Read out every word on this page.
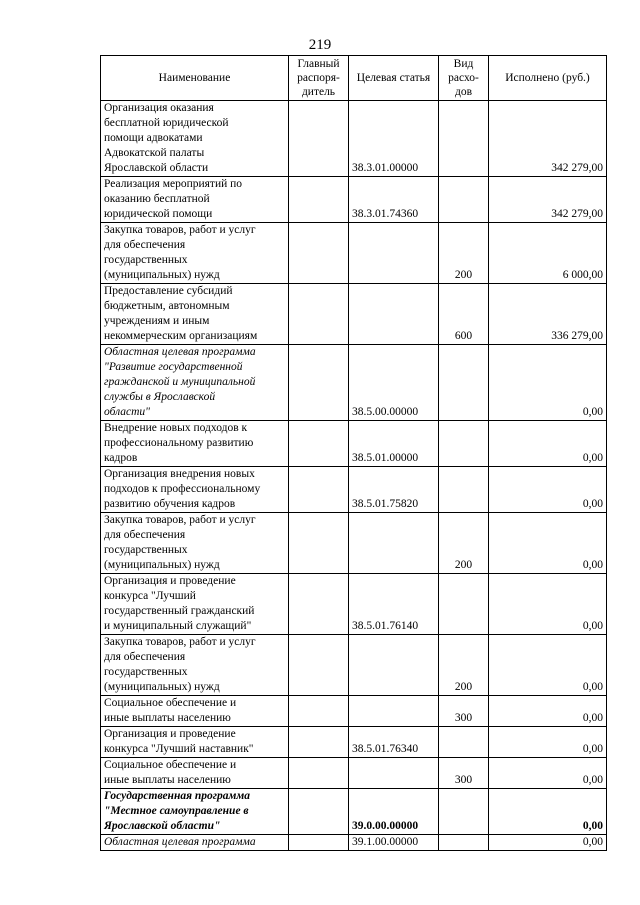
219
Наименование	Главный распоря-дитель	Целевая статья	Вид расхо-дов	Исполнено (руб.)

Организация оказания
бесплатной юридической
помощи адвокатами
Адвокатской палаты
Ярославской области		38.3.01.00000		342 279,00

Реализация мероприятий по
оказанию бесплатной
юридической помощи		38.3.01.74360		342 279,00

Закупка товаров, работ и услуг
для обеспечения
государственных
(муниципальных) нужд			200	6 000,00

Предоставление субсидий
бюджетным, автономным
учреждениям и иным
некоммерческим организациям			600	336 279,00

Областная целевая программа
"Развитие государственной
гражданской и муниципальной
службы в Ярославской
области"		38.5.00.00000		0,00

Внедрение новых подходов к
профессиональному развитию
кадров		38.5.01.00000		0,00

Организация внедрения новых
подходов к профессиональному
развитию обучения кадров		38.5.01.75820		0,00

Закупка товаров, работ и услуг
для обеспечения
государственных
(муниципальных) нужд			200	0,00

Организация и проведение
конкурса "Лучший
государственный гражданский
и муниципальный служащий"		38.5.01.76140		0,00

Закупка товаров, работ и услуг
для обеспечения
государственных
(муниципальных) нужд			200	0,00

Социальное обеспечение и
иные выплаты населению			300	0,00

Организация и проведение
конкурса "Лучший наставник"		38.5.01.76340		0,00

Социальное обеспечение и
иные выплаты населению			300	0,00

Государственная программа
"Местное самоуправление в
Ярославской области"		39.0.00.00000		0,00

Областная целевая программа		39.1.00.00000		0,00
